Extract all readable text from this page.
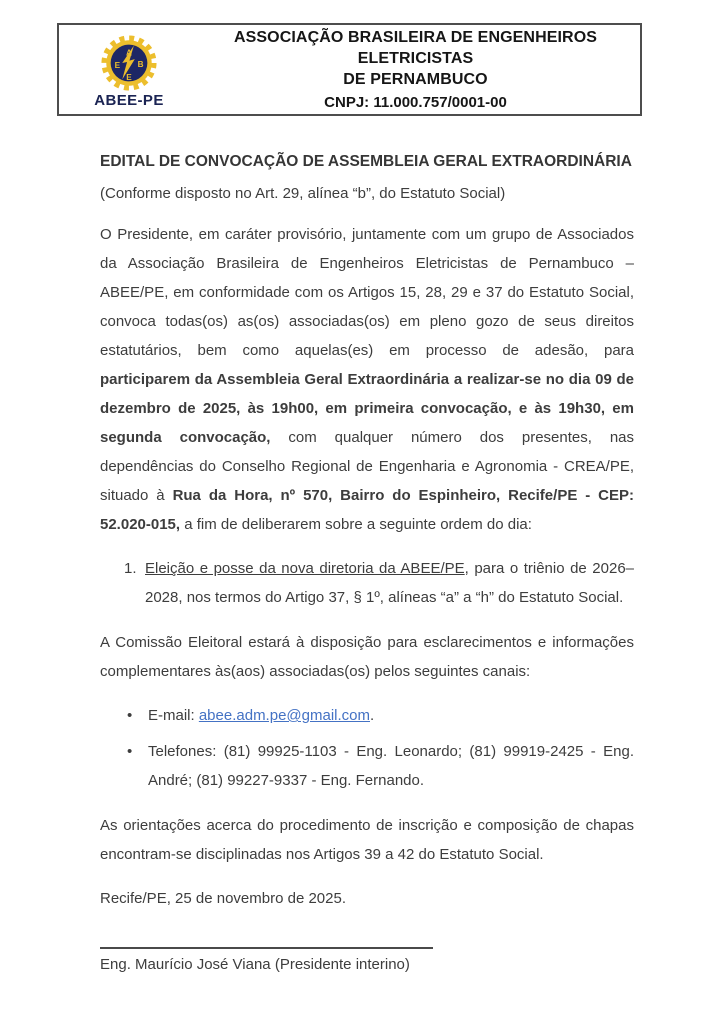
A
E B
E
ABEE-PE
ASSOCIAÇÃO BRASILEIRA DE ENGENHEIROS ELETRICISTAS
DE PERNAMBUCO
CNPJ: 11.000.757/0001-00
EDITAL DE CONVOCAÇÃO DE ASSEMBLEIA GERAL EXTRAORDINÁRIA
(Conforme disposto no Art. 29, alínea “b”, do Estatuto Social)

O Presidente, em caráter provisório, juntamente com um grupo de Associados da Associação Brasileira de Engenheiros Eletricistas de Pernambuco – ABEE/PE, em conformidade com os Artigos 15, 28, 29 e 37 do Estatuto Social, convoca todas(os) as(os) associadas(os) em pleno gozo de seus direitos estatutários, bem como aquelas(es) em processo de adesão, para participarem da Assembleia Geral Extraordinária a realizar-se no dia 09 de dezembro de 2025, às 19h00, em primeira convocação, e às 19h30, em segunda convocação, com qualquer número dos presentes, nas dependências do Conselho Regional de Engenharia e Agronomia - CREA/PE, situado à Rua da Hora, nº 570, Bairro do Espinheiro, Recife/PE - CEP: 52.020-015, a fim de deliberarem sobre a seguinte ordem do dia:

1. Eleição e posse da nova diretoria da ABEE/PE, para o triênio de 2026–2028, nos termos do Artigo 37, § 1º, alíneas “a” a “h” do Estatuto Social.

A Comissão Eleitoral estará à disposição para esclarecimentos e informações complementares às(aos) associadas(os) pelos seguintes canais:

•	E-mail: abee.adm.pe@gmail.com.
•	Telefones: (81) 99925-1103 - Eng. Leonardo; (81) 99919-2425 - Eng. André; (81) 99227-9337 - Eng. Fernando.

As orientações acerca do procedimento de inscrição e composição de chapas encontram-se disciplinadas nos Artigos 39 a 42 do Estatuto Social.

Recife/PE, 25 de novembro de 2025.
Eng. Maurício José Viana (Presidente interino)
